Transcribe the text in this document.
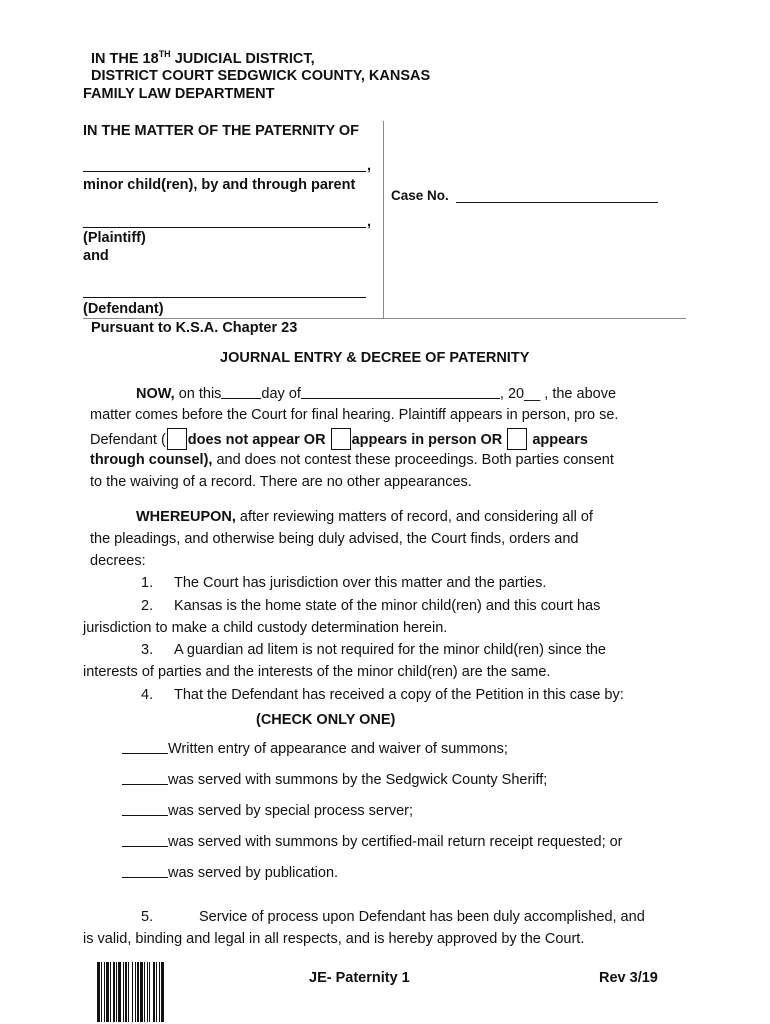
IN THE 18TH JUDICIAL DISTRICT,
DISTRICT COURT SEDGWICK COUNTY, KANSAS
FAMILY LAW DEPARTMENT
IN THE MATTER OF THE PATERNITY OF
,
minor child(ren), by and through parent
,
(Plaintiff)
and
(Defendant)
Case No.
Pursuant to K.S.A. Chapter 23
JOURNAL ENTRY & DECREE OF PATERNITY
NOW, on this	day of	, 20__ , the above
matter comes before the Court for final hearing. Plaintiff appears in person, pro se.
Defendant ( does not appear OR appears in person OR  appears
through counsel), and does not contest these proceedings. Both parties consent
to the waiving of a record. There are no other appearances.
WHEREUPON, after reviewing matters of record, and considering all of
the pleadings, and otherwise being duly advised, the Court finds, orders and
decrees:
1. The Court has jurisdiction over this matter and the parties.
2. Kansas is the home state of the minor child(ren) and this court has
jurisdiction to make a child custody determination herein.
3. A guardian ad litem is not required for the minor child(ren) since the
interests of parties and the interests of the minor child(ren) are the same.
4. That the Defendant has received a copy of the Petition in this case by:
(CHECK ONLY ONE)
Written entry of appearance and waiver of summons;
was served with summons by the Sedgwick County Sheriff;
was served by special process server;
was served with summons by certified-mail return receipt requested; or
was served by publication.
5.	Service of process upon Defendant has been duly accomplished, and
is valid, binding and legal in all respects, and is hereby approved by the Court.
JE- Paternity 1	Rev 3/19
